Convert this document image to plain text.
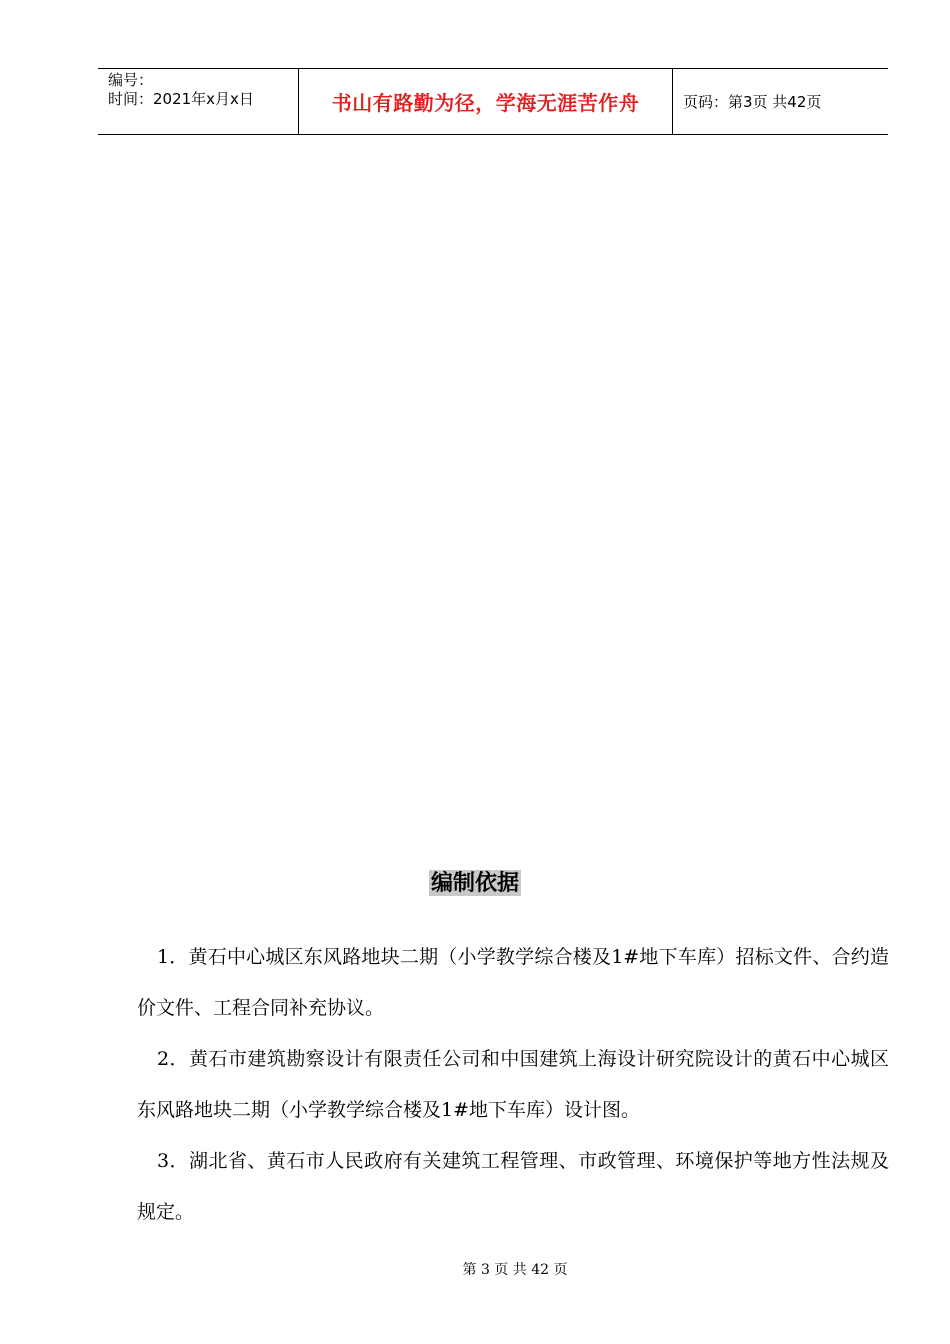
编号：
时间：2021年x月x日	书山有路勤为径，学海无涯苦作舟	页码：第3页 共42页
编制依据

1．黄石中心城区东风路地块二期（小学教学综合楼及1#地下车库）招标文件、合约造价文件、工程合同补充协议。

2．黄石市建筑勘察设计有限责任公司和中国建筑上海设计研究院设计的黄石中心城区东风路地块二期（小学教学综合楼及1#地下车库）设计图。

3．湖北省、黄石市人民政府有关建筑工程管理、市政管理、环境保护等地方性法规及规定。

第 3 页 共 42 页
